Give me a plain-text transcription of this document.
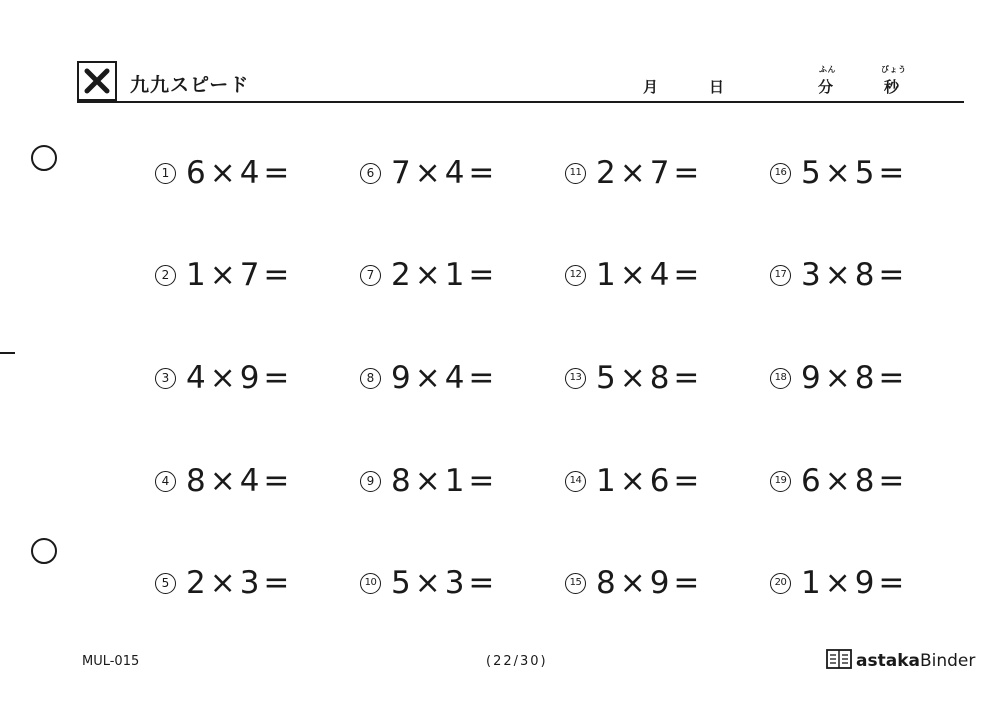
九九スピード	月	日
ふん
分
びょう
秒
1 6×4=
2 1×7=
3 4×9=
4 8×4=
5 2×3=
6 7×4=
7 2×1=
8 9×4=
9 8×1=
10 5×3=
11 2×7=
12 1×4=
13 5×8=
14 1×6=
15 8×9=
16 5×5=
17 3×8=
18 9×8=
19 6×8=
20 1×9=
MUL-015	(22/30)	astaka Binder
